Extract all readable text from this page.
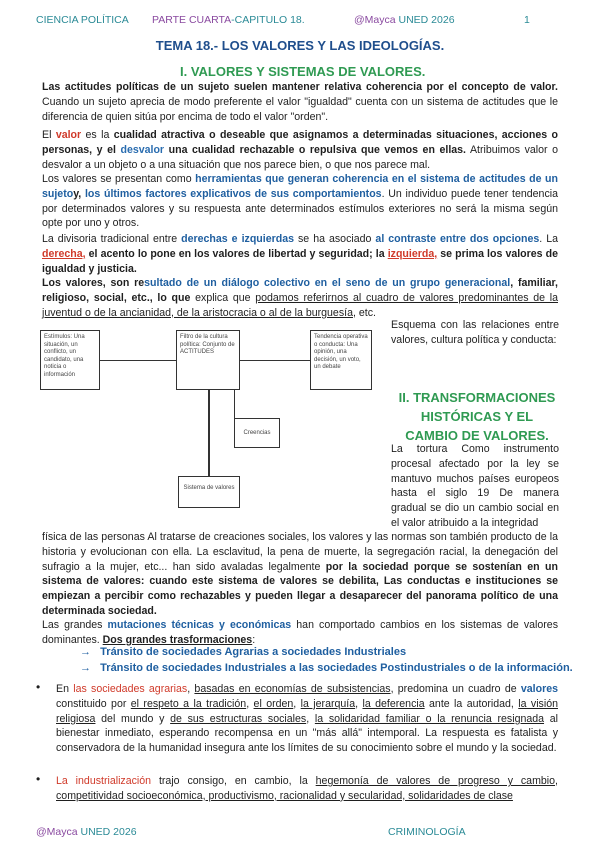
CIENCIA POLÍTICA PARTE CUARTA-CAPITULO 18.	@Mayca UNED 2026	1
TEMA 18.- LOS VALORES Y LAS IDEOLOGÍAS.
I. VALORES Y SISTEMAS DE VALORES.

Las actitudes políticas de un sujeto suelen mantener relativa coherencia por el concepto de valor. Cuando un sujeto aprecia de modo preferente el valor "igualdad" cuenta con un sistema de actitudes que le diferencia de quien sitúa por encima de todo el valor "orden".

El valor es la cualidad atractiva o deseable que asignamos a determinadas situaciones, acciones o personas, y el desvalor una cualidad rechazable o repulsiva que vemos en ellas. Atribuimos valor o desvalor a un objeto o a una situación que nos parece bien, o que nos parece mal.

Los valores se presentan como herramientas que generan coherencia en el sistema de actitudes de un sujetoy, los últimos factores explicativos de sus comportamientos. Un individuo puede tener tendencia por determinados valores y su respuesta ante determinados estímulos exteriores no será la misma según opte por uno y otros.

La divisoria tradicional entre derechas e izquierdas se ha asociado al contraste entre dos opciones. La derecha, el acento lo pone en los valores de libertad y seguridad; la izquierda, se prima los valores de igualdad y justicia.

Los valores, son resultado de un diálogo colectivo en el seno de un grupo generacional, familiar, religioso, social, etc., lo que explica que podamos referirnos al cuadro de valores predominantes de la juventud o de la ancianidad, de la aristocracia o al de la burguesía, etc.

Estímulos: Una situación, un conflicto, un candidato, una noticia o información
Filtro de la cultura política: Conjunto de ACTITUDES
Tendencia operativa o conducta: Una opinión, una decisión, un voto, un debate
Creencias
Sistema de valores

Esquema con las relaciones entre valores, cultura política y conducta:

II. TRANSFORMACIONES HISTÓRICAS Y EL CAMBIO DE VALORES.

La tortura Como instrumento procesal afectado por la ley se mantuvo muchos países europeos hasta el siglo 19 De manera gradual se dio un cambio social en el valor atribuido a la integridad

física de las personas Al tratarse de creaciones sociales, los valores y las normas son también producto de la historia y evolucionan con ella. La esclavitud, la pena de muerte, la segregación racial, la denegación del sufragio a la mujer, etc... han sido avaladas legalmente por la sociedad porque se sostenían en un sistema de valores: cuando este sistema de valores se debilita, Las conductas e instituciones se empiezan a percibir como rechazables y pueden llegar a desaparecer del panorama político de una determinada sociedad.

Las grandes mutaciones técnicas y económicas han comportado cambios en los sistemas de valores dominantes. Dos grandes trasformaciones:

→   Tránsito de sociedades Agrarias a sociedades Industriales
→   Tránsito de sociedades Industriales a las sociedades Postindustriales o de la información.
• En las sociedades agrarias, basadas en economías de subsistencias, predomina un cuadro de valores constituido por el respeto a la tradición, el orden, la jerarquía, la deferencia ante la autoridad, la visión religiosa del mundo y de sus estructuras sociales, la solidaridad familiar o la renuncia resignada al bienestar inmediato, esperando recompensa en un "más allá" intemporal. La respuesta es fatalista y conservadora de la humanidad insegura ante los límites de su conocimiento sobre el mundo y la sociedad.

• La industrialización trajo consigo, en cambio, la hegemonía de valores de progreso y cambio, competitividad socioeconómica, productivismo, racionalidad y secularidad, solidaridades de clase

@Mayca UNED 2026	CRIMINOLOGÍA
